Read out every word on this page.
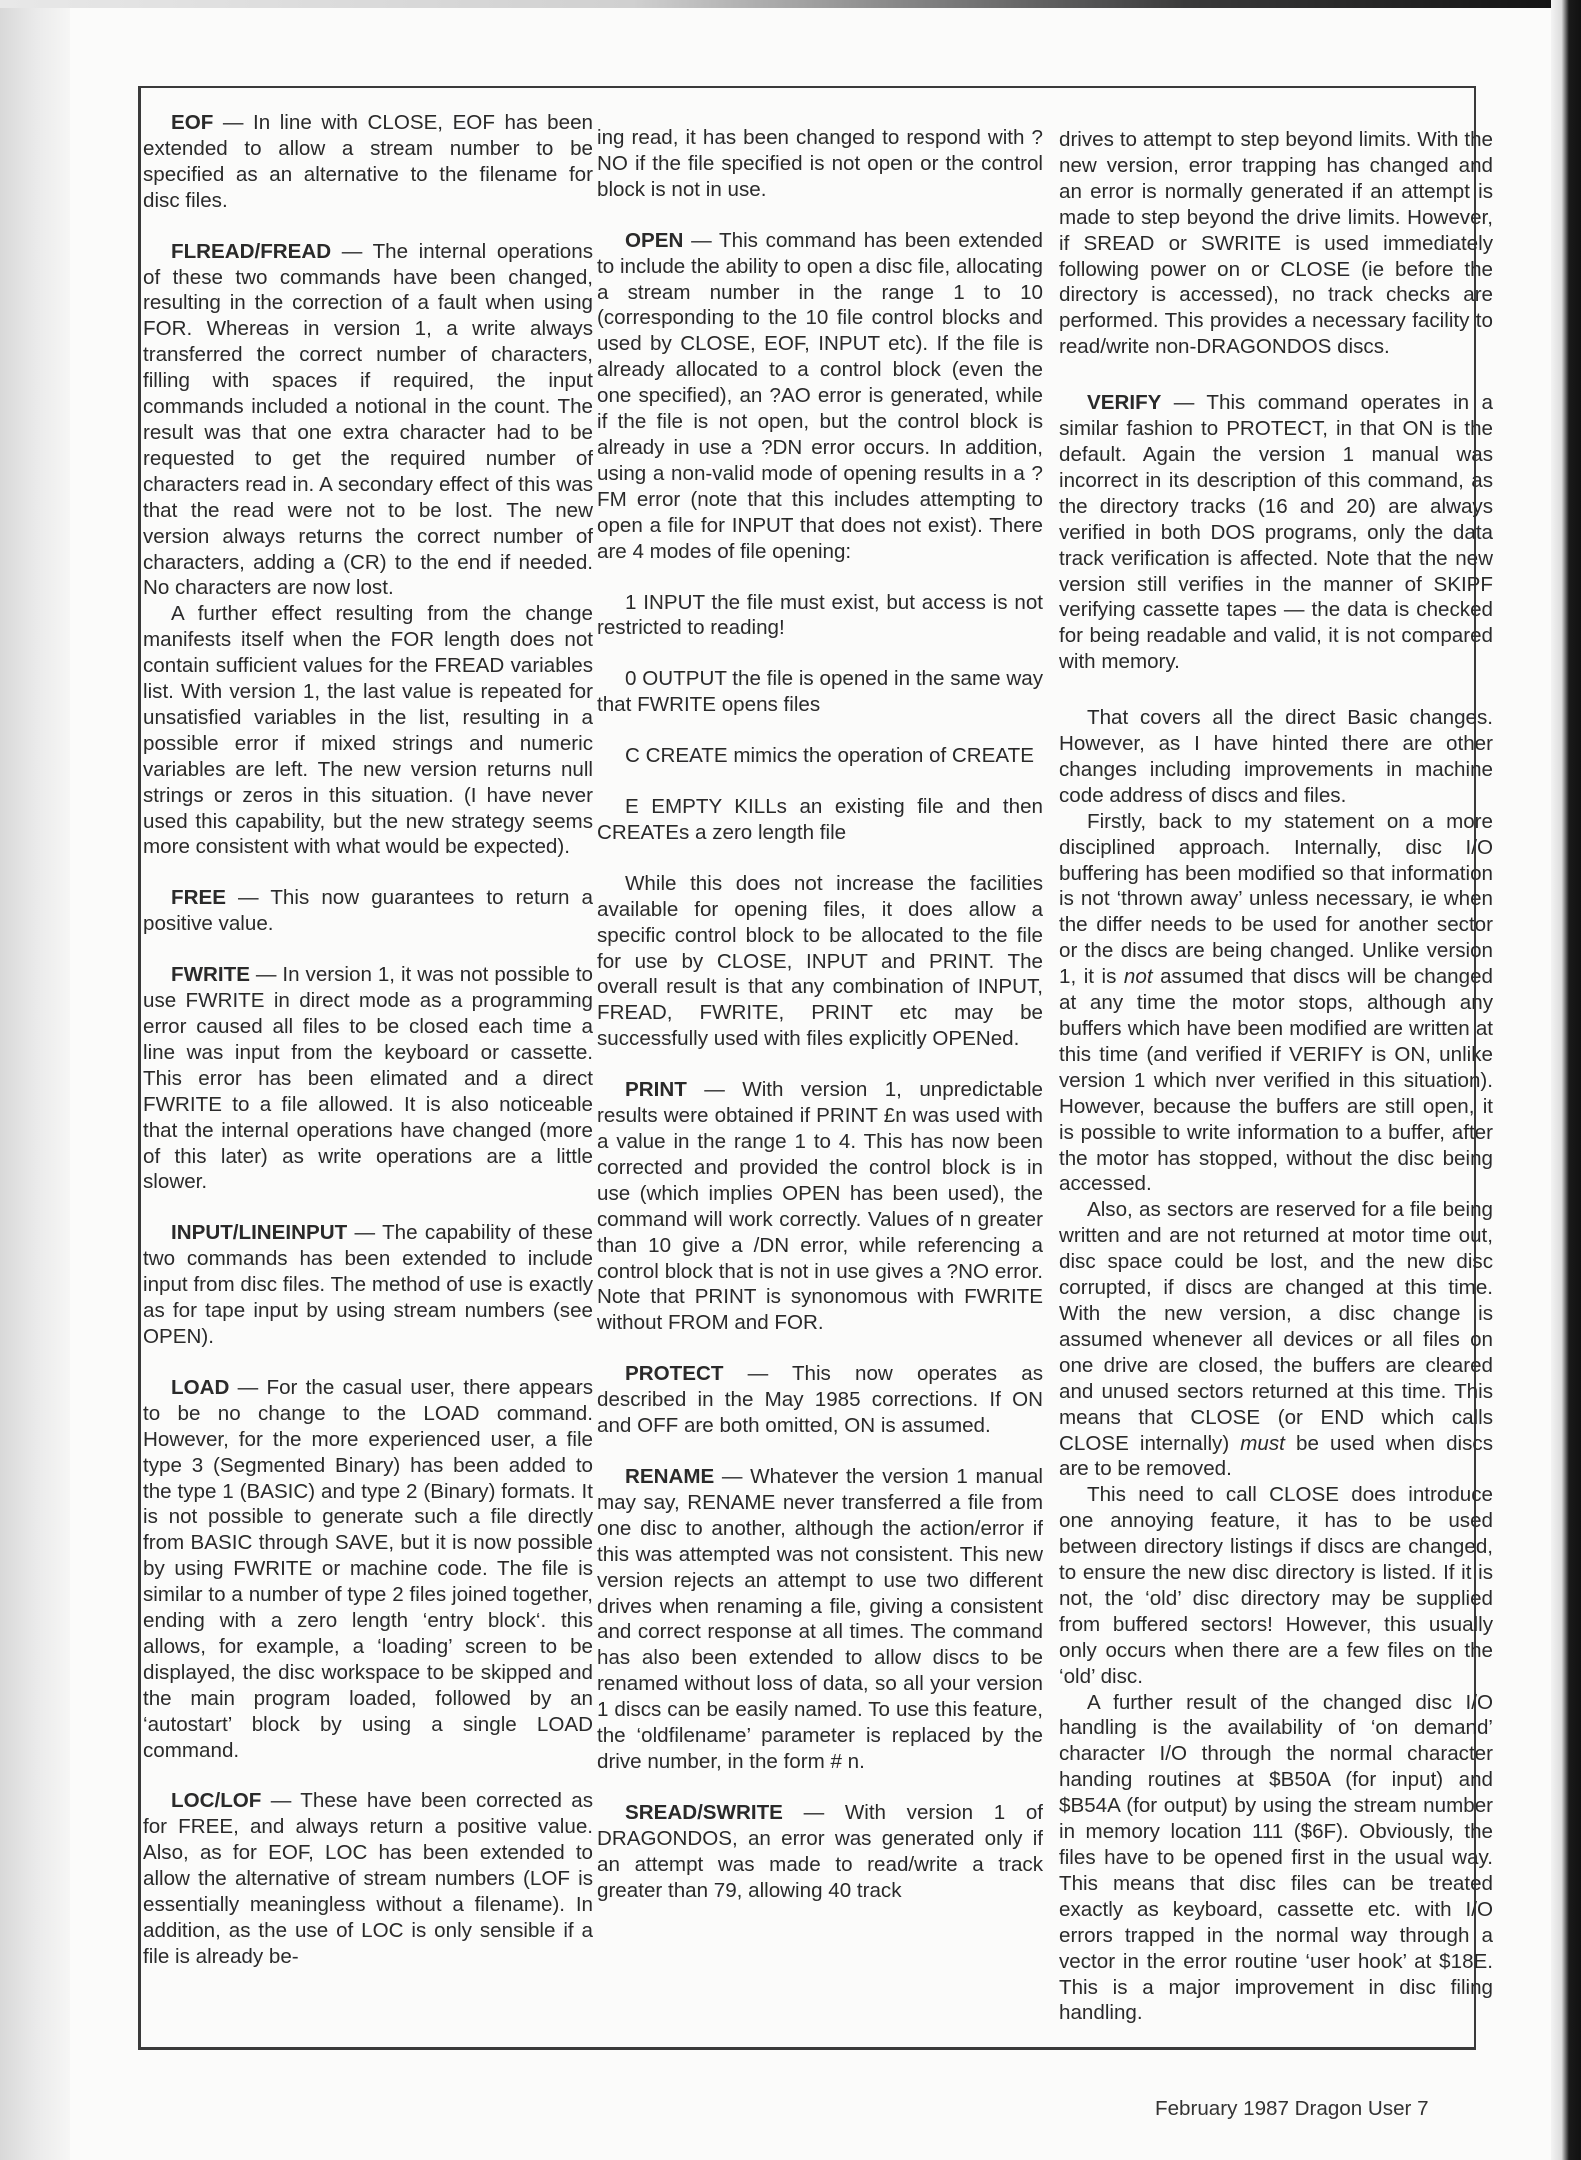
EOF — In line with CLOSE, EOF has been extended to allow a stream number to be specified as an alternative to the filename for disc files.

FLREAD/FREAD — The internal operations of these two commands have been changed, resulting in the correction of a fault when using FOR. Whereas in version 1, a write always transferred the correct number of characters, filling with spaces if required, the input commands included a notional in the count. The result was that one extra character had to be requested to get the required number of characters read in. A secondary effect of this was that the read were not to be lost. The new version always returns the correct number of characters, adding a (CR) to the end if needed. No characters are now lost.

A further effect resulting from the change manifests itself when the FOR length does not contain sufficient values for the FREAD variables list. With version 1, the last value is repeated for unsatisfied variables in the list, resulting in a possible error if mixed strings and numeric variables are left. The new version returns null strings or zeros in this situation. (I have never used this capability, but the new strategy seems more consistent with what would be expected).

FREE — This now guarantees to return a positive value.

FWRITE — In version 1, it was not possible to use FWRITE in direct mode as a programming error caused all files to be closed each time a line was input from the keyboard or cassette. This error has been elimated and a direct FWRITE to a file allowed. It is also noticeable that the internal operations have changed (more of this later) as write operations are a little slower.

INPUT/LINEINPUT — The capability of these two commands has been extended to include input from disc files. The method of use is exactly as for tape input by using stream numbers (see OPEN).

LOAD — For the casual user, there appears to be no change to the LOAD command. However, for the more experienced user, a file type 3 (Segmented Binary) has been added to the type 1 (BASIC) and type 2 (Binary) formats. It is not possible to generate such a file directly from BASIC through SAVE, but it is now possible by using FWRITE or machine code. The file is similar to a number of type 2 files joined together, ending with a zero length ‘entry block‘. this allows, for example, a ‘loading’ screen to be displayed, the disc workspace to be skipped and the main program loaded, followed by an ‘autostart’ block by using a single LOAD command.

LOC/LOF — These have been corrected as for FREE, and always return a positive value. Also, as for EOF, LOC has been extended to allow the alternative of stream numbers (LOF is essentially meaningless without a filename). In addition, as the use of LOC is only sensible if a file is already be-

ing read, it has been changed to respond with ?NO if the file specified is not open or the control block is not in use.

OPEN — This command has been extended to include the ability to open a disc file, allocating a stream number in the range 1 to 10 (corresponding to the 10 file control blocks and used by CLOSE, EOF, INPUT etc). If the file is already allocated to a control block (even the one specified), an ?AO error is generated, while if the file is not open, but the control block is already in use a ?DN error occurs. In addition, using a non-valid mode of opening results in a ?FM error (note that this includes attempting to open a file for INPUT that does not exist). There are 4 modes of file opening:

1 INPUT the file must exist, but access is not restricted to reading!

0 OUTPUT the file is opened in the same way that FWRITE opens files

C CREATE mimics the operation of CREATE

E EMPTY KILLs an existing file and then CREATEs a zero length file

While this does not increase the facilities available for opening files, it does allow a specific control block to be allocated to the file for use by CLOSE, INPUT and PRINT. The overall result is that any combination of INPUT, FREAD, FWRITE, PRINT etc may be successfully used with files explicitly OPENed.

PRINT — With version 1, unpredictable results were obtained if PRINT £n was used with a value in the range 1 to 4. This has now been corrected and provided the control block is in use (which implies OPEN has been used), the command will work correctly. Values of n greater than 10 give a /DN error, while referencing a control block that is not in use gives a ?NO error. Note that PRINT is synonomous with FWRITE without FROM and FOR.

PROTECT — This now operates as described in the May 1985 corrections. If ON and OFF are both omitted, ON is assumed.

RENAME — Whatever the version 1 manual may say, RENAME never transferred a file from one disc to another, although the action/error if this was attempted was not consistent. This new version rejects an attempt to use two different drives when renaming a file, giving a consistent and correct response at all times. The command has also been extended to allow discs to be renamed without loss of data, so all your version 1 discs can be easily named. To use this feature, the ‘oldfilename’ parameter is replaced by the drive number, in the form # n.

SREAD/SWRITE — With version 1 of DRAGONDOS, an error was generated only if an attempt was made to read/write a track greater than 79, allowing 40 track

drives to attempt to step beyond limits. With the new version, error trapping has changed and an error is normally generated if an attempt is made to step beyond the drive limits. However, if SREAD or SWRITE is used immediately following power on or CLOSE (ie before the directory is accessed), no track checks are performed. This provides a necessary facility to read/write non-DRAGONDOS discs.

VERIFY — This command operates in a similar fashion to PROTECT, in that ON is the default. Again the version 1 manual was incorrect in its description of this command, as the directory tracks (16 and 20) are always verified in both DOS programs, only the data track verification is affected. Note that the new version still verifies in the manner of SKIPF verifying cassette tapes — the data is checked for being readable and valid, it is not compared with memory.

That covers all the direct Basic changes. However, as I have hinted there are other changes including improvements in machine code address of discs and files.

Firstly, back to my statement on a more disciplined approach. Internally, disc I/O buffering has been modified so that information is not ‘thrown away’ unless necessary, ie when the differ needs to be used for another sector or the discs are being changed. Unlike version 1, it is not assumed that discs will be changed at any time the motor stops, although any buffers which have been modified are written at this time (and verified if VERIFY is ON, unlike version 1 which nver verified in this situation). However, because the buffers are still open, it is possible to write information to a buffer, after the motor has stopped, without the disc being accessed.

Also, as sectors are reserved for a file being written and are not returned at motor time out, disc space could be lost, and the new disc corrupted, if discs are changed at this time. With the new version, a disc change is assumed whenever all devices or all files on one drive are closed, the buffers are cleared and unused sectors returned at this time. This means that CLOSE (or END which calls CLOSE internally) must be used when discs are to be removed.

This need to call CLOSE does introduce one annoying feature, it has to be used between directory listings if discs are changed, to ensure the new disc directory is listed. If it is not, the ‘old’ disc directory may be supplied from buffered sectors! However, this usually only occurs when there are a few files on the ‘old’ disc.

A further result of the changed disc I/O handling is the availability of ‘on demand’ character I/O through the normal character handing routines at $B50A (for input) and $B54A (for output) by using the stream number in memory location 111 ($6F). Obviously, the files have to be opened first in the usual way. This means that disc files can be treated exactly as keyboard, cassette etc. with I/O errors trapped in the normal way through a vector in the error routine ‘user hook’ at $18E. This is a major improvement in disc filing handling.

February 1987 Dragon User 7
